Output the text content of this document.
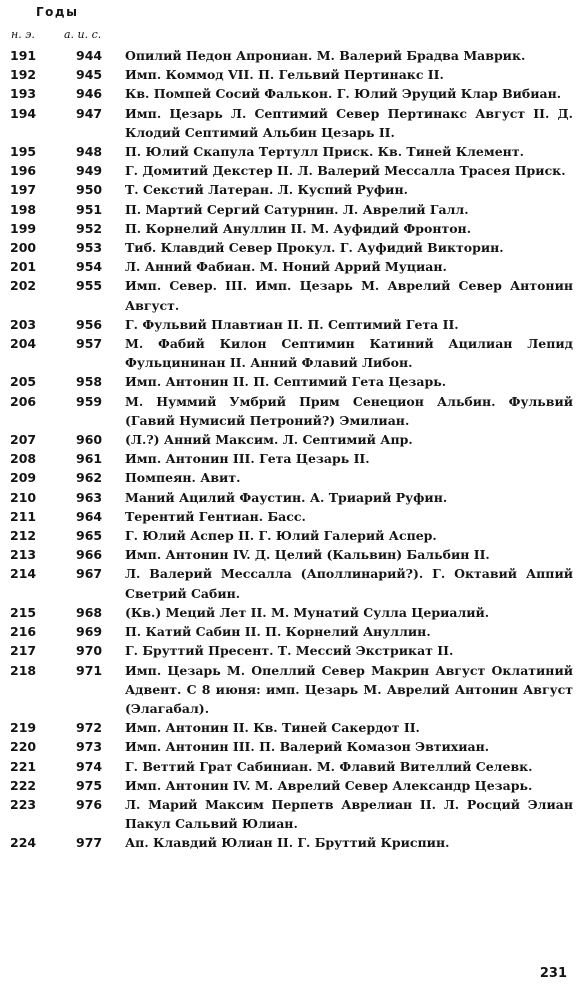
Годы
н. э.	а. и. с.
191	944 Опилий Педон Апрониан. М. Валерий Брадва Маврик.
192	945 Имп. Коммод VII. П. Гельвий Пертинакс II.
193	946 Кв. Помпей Сосий Фалькон. Г. Юлий Эруций Клар Вибиан.
194	947 Имп. Цезарь Л. Септимий Север Пертинакс Август II. Д. Клодий Септимий Альбин Цезарь II.
195	948 П. Юлий Скапула Тертулл Приск. Кв. Тиней Клемент.
196	949 Г. Домитий Декстер II. Л. Валерий Мессалла Трасея Приск.
197	950 Т. Секстий Латеран. Л. Куспий Руфин.
198	951 П. Мартий Сергий Сатурнин. Л. Аврелий Галл.
199	952 П. Корнелий Ануллин II. М. Ауфидий Фронтон.
200	953 Тиб. Клавдий Север Прокул. Г. Ауфидий Викторин.
201	954 Л. Анний Фабиан. М. Ноний Аррий Муциан.
202	955 Имп. Север. III. Имп. Цезарь М. Аврелий Север Антонин Август.
203	956 Г. Фульвий Плавтиан II. П. Септимий Гета II.
204	957 М. Фабий Килон Септимин Катиний Ацилиан Лепид Фульцининан II. Анний Флавий Либон.
205	958 Имп. Антонин II. П. Септимий Гета Цезарь.
206	959 М. Нуммий Умбрий Прим Сенецион Альбин. Фульвий (Гавий Нумисий Петроний?) Эмилиан.
207	960 (Л.?) Анний Максим. Л. Септимий Апр.
208	961 Имп. Антонин III. Гета Цезарь II.
209	962 Помпеян. Авит.
210	963 Маний Ацилий Фаустин. А. Триарий Руфин.
211	964 Терентий Гентиан. Басс.
212	965 Г. Юлий Аспер II. Г. Юлий Галерий Аспер.
213	966 Имп. Антонин IV. Д. Целий (Кальвин) Бальбин II.
214	967 Л. Валерий Мессалла (Аполлинарий?). Г. Октавий Аппий Светрий Сабин.
215	968 (Кв.) Меций Лет II. М. Мунатий Сулла Цериалий.
216	969 П. Катий Сабин II. П. Корнелий Ануллин.
217	970 Г. Бруттий Пресент. Т. Мессий Экстрикат II.
218	971 Имп. Цезарь М. Опеллий Север Макрин Август Оклатиний Адвент. С 8 июня: имп. Цезарь М. Аврелий Антонин Август (Элагабал).
219	972 Имп. Антонин II. Кв. Тиней Сакердот II.
220	973 Имп. Антонин III. П. Валерий Комазон Эвтихиан.
221	974 Г. Веттий Грат Сабиниан. М. Флавий Вителлий Селевк.
222	975 Имп. Антонин IV. М. Аврелий Север Александр Цезарь.
223	976 Л. Марий Максим Перпетв Аврелиан II. Л. Росций Элиан Пакул Сальвий Юлиан.
224	977 Ап. Клавдий Юлиан II. Г. Бруттий Криспин.
231
